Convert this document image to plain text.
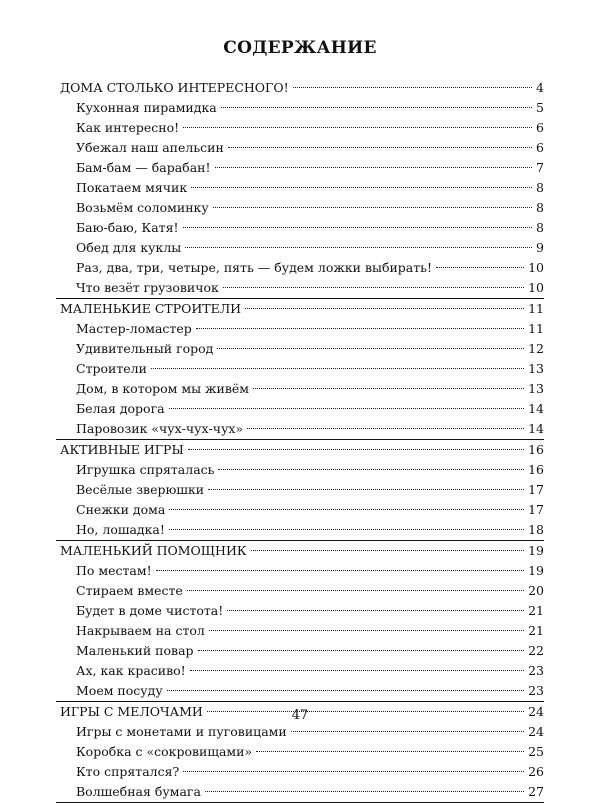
СОДЕРЖАНИЕ
ДОМА СТОЛЬКО ИНТЕРЕСНОГО!	4
Кухонная пирамидка	5
Как интересно!	6
Убежал наш апельсин	6
Бам-бам — барабан!	7
Покатаем мячик	8
Возьмём соломинку	8
Баю-баю, Катя!	8
Обед для куклы	9
Раз, два, три, четыре, пять — будем ложки выбирать!	10
Что везёт грузовичок	10
МАЛЕНЬКИЕ СТРОИТЕЛИ	11
Мастер-ломастер	11
Удивительный город	12
Строители	13
Дом, в котором мы живём	13
Белая дорога	14
Паровозик «чух-чух-чух»	14
АКТИВНЫЕ ИГРЫ	16
Игрушка спряталась	16
Весёлые зверюшки	17
Снежки дома	17
Но, лошадка!	18
МАЛЕНЬКИЙ ПОМОЩНИК	19
По местам!	19
Стираем вместе	20
Будет в доме чистота!	21
Накрываем на стол	21
Маленький повар	22
Ах, как красиво!	23
Моем посуду	23
ИГРЫ С МЕЛОЧАМИ	24
Игры с монетами и пуговицами	24
Коробка с «сокровищами»	25
Кто спрятался?	26
Волшебная бумага	27
47
